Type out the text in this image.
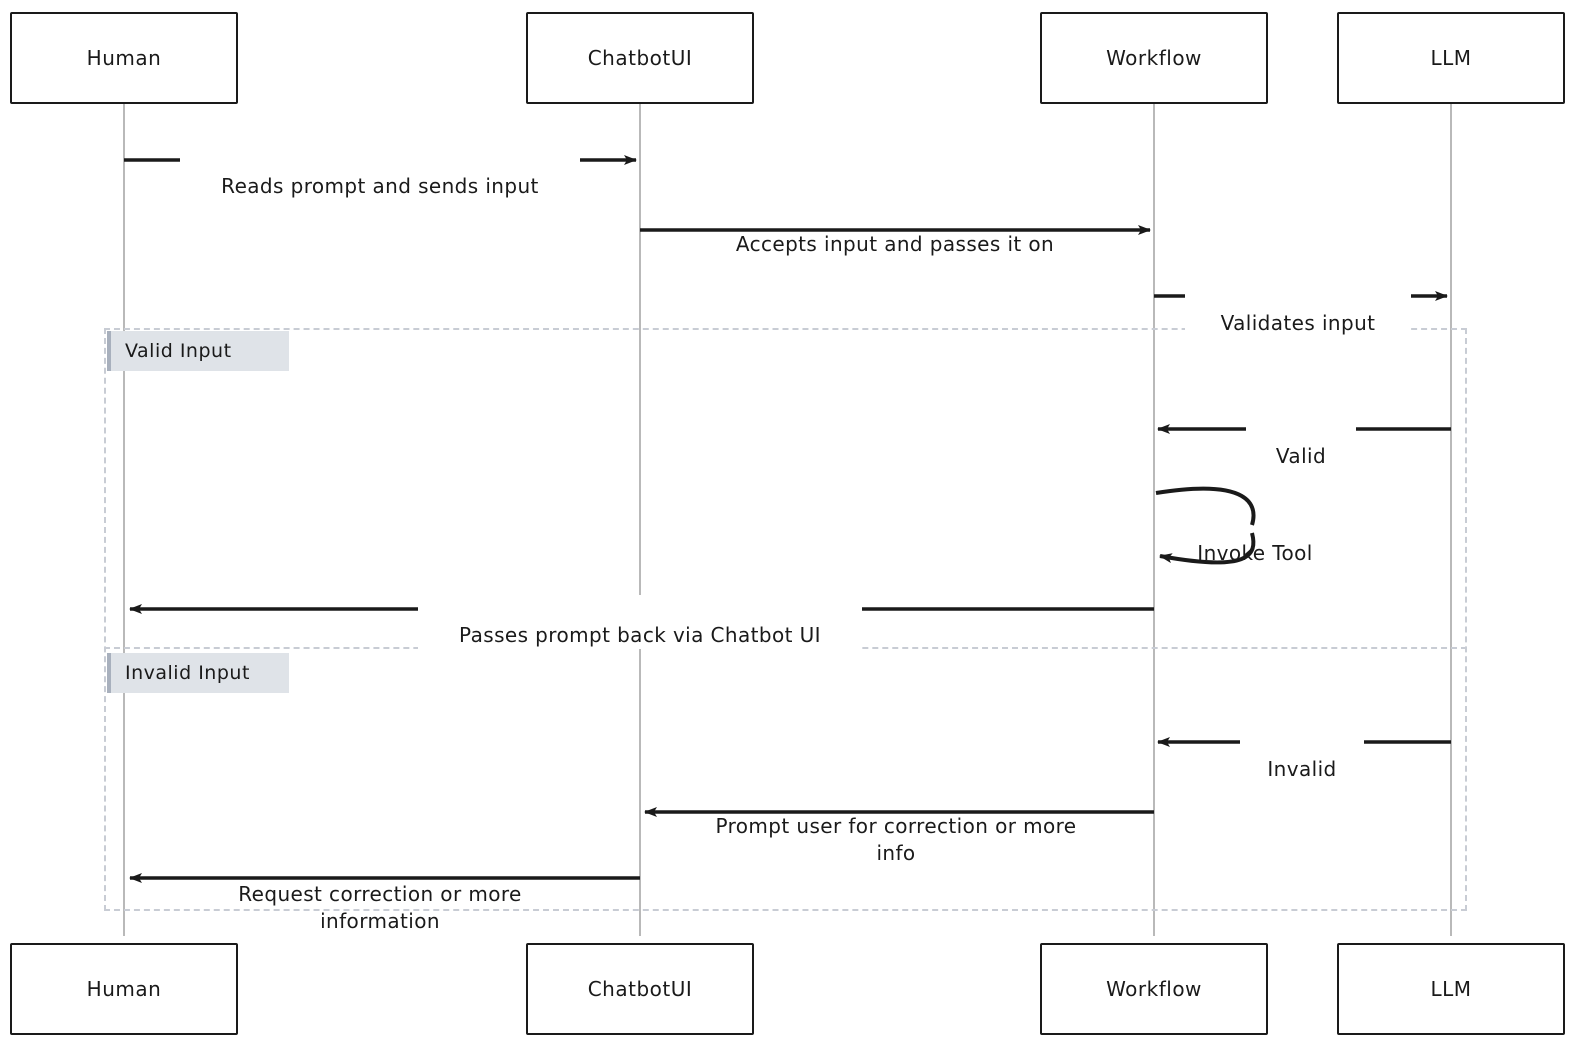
Valid Input
Invalid Input
Human	ChatbotUI	Workflow	LLM
Human	ChatbotUI	Workflow	LLM

Reads prompt and sends input

Accepts input and passes it on

Validates input

Valid

Invoke Tool

Passes prompt back via Chatbot UI

Invalid

Prompt user for correction or more info

Request correction or more information
